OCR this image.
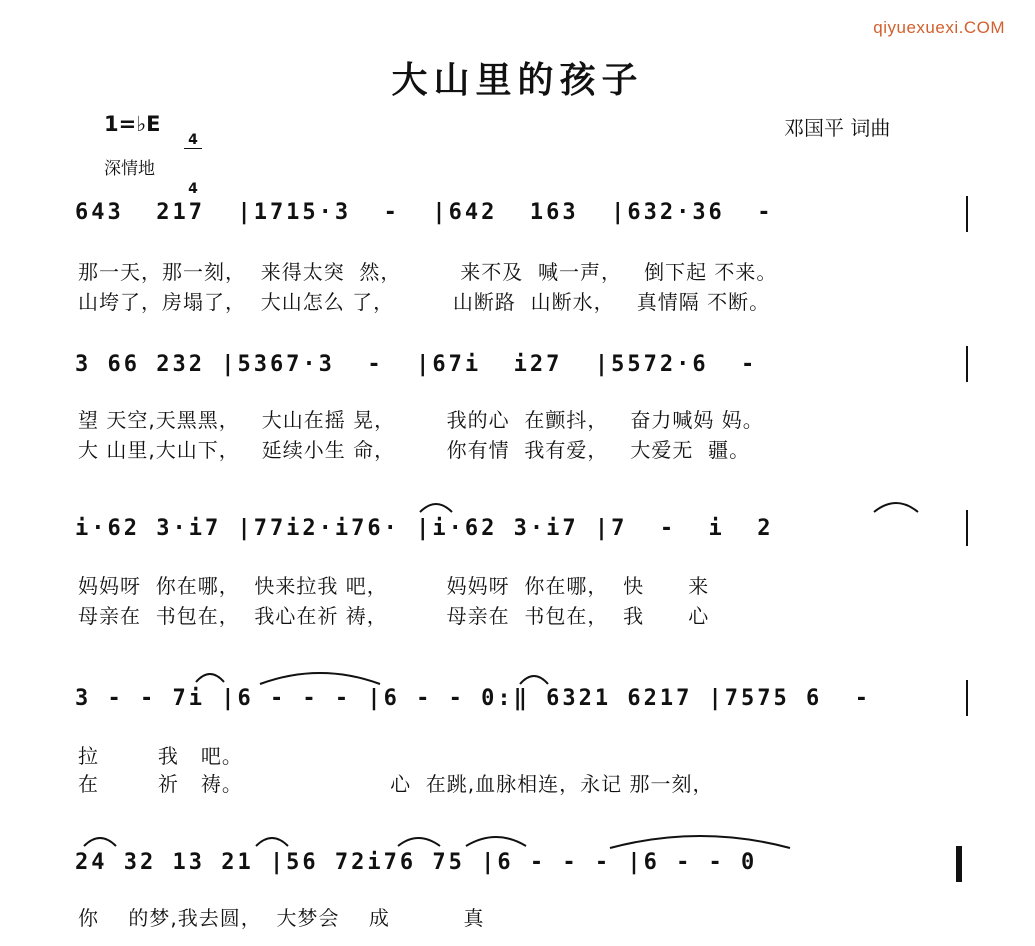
qiyuexuexi.COM
大山里的孩子
1=♭E

4

4

深情地
邓国平 词曲
643  217  |1715·3  -  |642  163  |632·36  -
那一天，那一刻，  来得太突  然，        来不及  喊一声，   倒下起 不来。
山垮了，房塌了，  大山怎么 了，        山断路  山断水，   真情隔 不断。
3 66 232 |5367·3  -  |67i  i27  |5572·6  -
望 天空,天黑黑，   大山在摇 晃，       我的心  在颤抖，   奋力喊妈 妈。
大 山里,大山下，   延续小生 命，       你有情  我有爱，   大爱无  疆。
i·62 3·i7 |77i2·i76· |i·62 3·i7 |7  -  i  2
妈妈呀  你在哪，  快来拉我 吧，        妈妈呀  你在哪，  快      来
母亲在  书包在，  我心在祈 祷，        母亲在  书包在，  我      心
3 - - 7i |6 - - - |6 - - 0:‖ 6321 6217 |7575 6  -
拉        我   吧。
在        祈   祷。                    心  在跳,血脉相连，永记 那一刻，
24 32 13 21 |56 72i76 75 |6 - - - |6 - - 0
你    的梦,我去圆，  大梦会    成          真
